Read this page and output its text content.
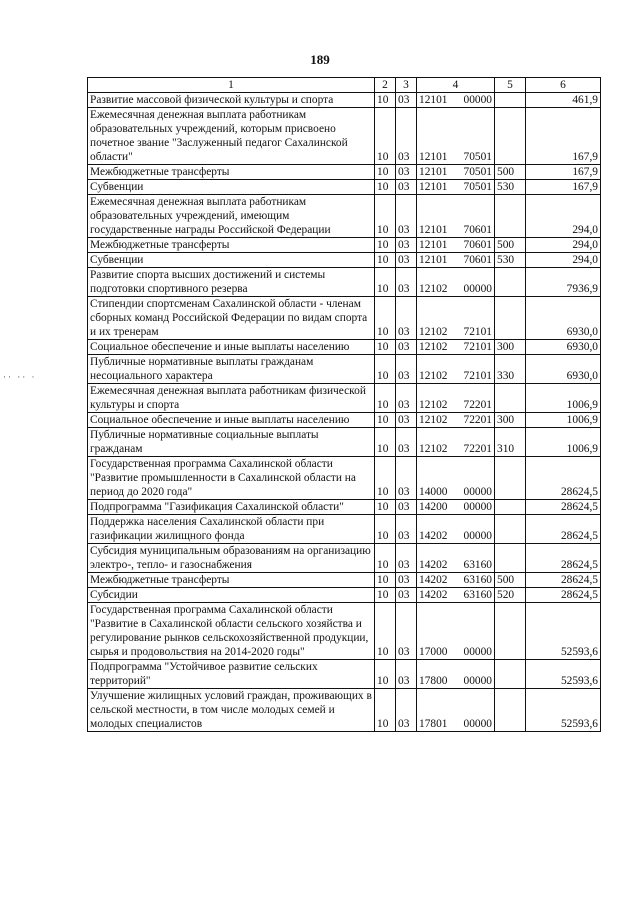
189
·· ·· ·
1	2	3	4	5	6
Развитие массовой физической культуры и спорта	10	03	12101 00000		461,9
Ежемесячная денежная выплата работникам образовательных учреждений, которым присвоено почетное звание "Заслуженный педагог Сахалинской области"	10	03	12101 70501		167,9
Межбюджетные трансферты	10	03	12101 70501	500	167,9
Субвенции	10	03	12101 70501	530	167,9
Ежемесячная денежная выплата работникам образовательных учреждений, имеющим государственные награды Российской Федерации	10	03	12101 70601		294,0
Межбюджетные трансферты	10	03	12101 70601	500	294,0
Субвенции	10	03	12101 70601	530	294,0
Развитие спорта высших достижений и системы подготовки спортивного резерва	10	03	12102 00000		7936,9
Стипендии спортсменам Сахалинской области - членам сборных команд Российской Федерации по видам спорта и их тренерам	10	03	12102 72101		6930,0
Социальное обеспечение и иные выплаты населению	10	03	12102 72101	300	6930,0
Публичные нормативные выплаты гражданам несоциального характера	10	03	12102 72101	330	6930,0
Ежемесячная денежная выплата работникам физической культуры и спорта	10	03	12102 72201		1006,9
Социальное обеспечение и иные выплаты населению	10	03	12102 72201	300	1006,9
Публичные нормативные социальные выплаты гражданам	10	03	12102 72201	310	1006,9
Государственная программа Сахалинской области "Развитие промышленности в Сахалинской области на период до 2020 года"	10	03	14000 00000		28624,5
Подпрограмма "Газификация Сахалинской области"	10	03	14200 00000		28624,5
Поддержка населения Сахалинской области при газификации жилищного фонда	10	03	14202 00000		28624,5
Субсидия муниципальным образованиям на организацию электро-, тепло- и газоснабжения	10	03	14202 63160		28624,5
Межбюджетные трансферты	10	03	14202 63160	500	28624,5
Субсидии	10	03	14202 63160	520	28624,5
Государственная программа Сахалинской области "Развитие в Сахалинской области сельского хозяйства и регулирование рынков сельскохозяйственной продукции, сырья и продовольствия на 2014-2020 годы"	10	03	17000 00000		52593,6
Подпрограмма "Устойчивое развитие сельских территорий"	10	03	17800 00000		52593,6
Улучшение жилищных условий граждан, проживающих в сельской местности, в том числе молодых семей и молодых специалистов	10	03	17801 00000		52593,6
